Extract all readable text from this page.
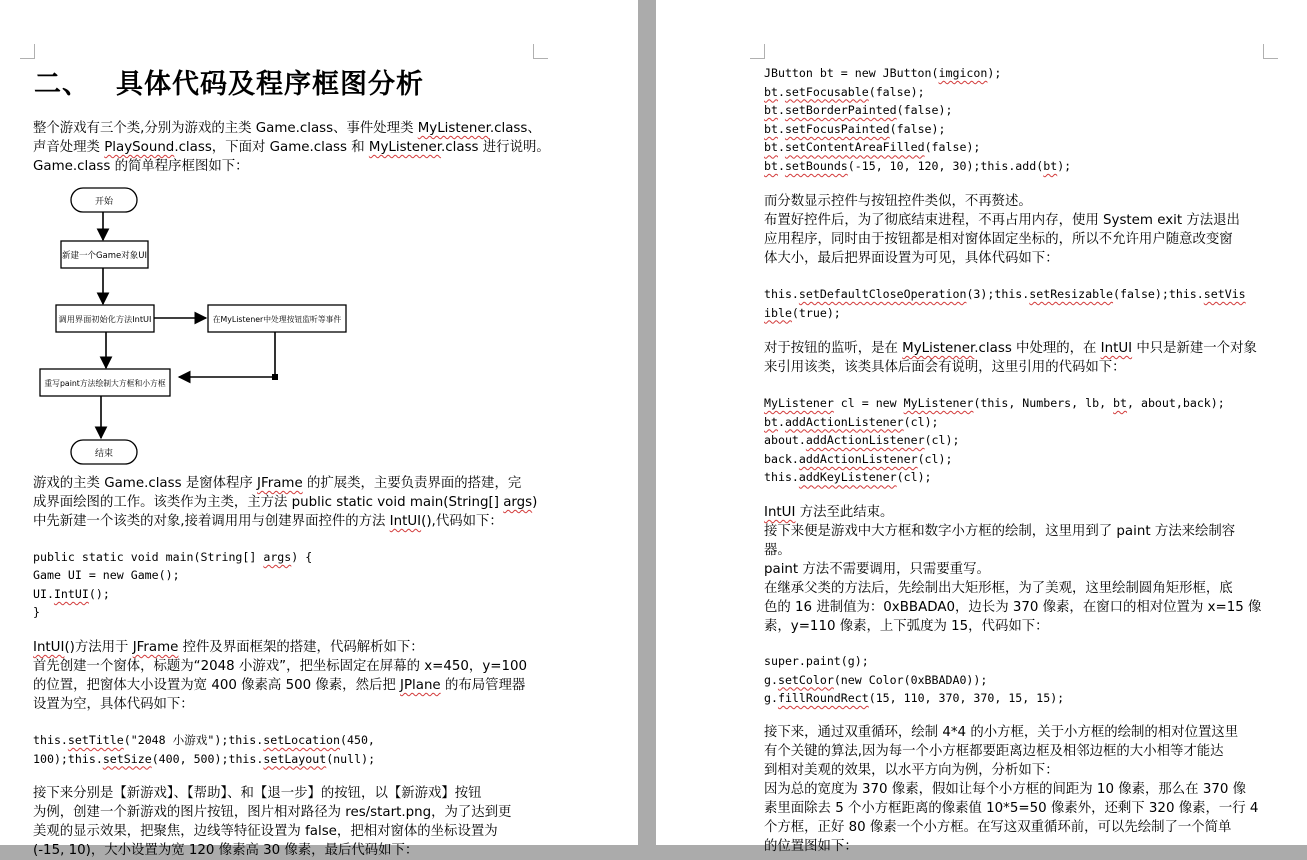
二、 具体代码及程序框图分析
开始
新建一个Game对象UI
调用界面初始化方法IntUI	在MyListener中处理按钮监听等事件
重写paint方法绘制大方框和小方框
结束
整个游戏有三个类,分别为游戏的主类 Game.class、事件处理类 MyListener.class、
声音处理类 PlaySound.class，下面对 Game.class 和 MyListener.class 进行说明。
Game.class 的简单程序框图如下：
游戏的主类 Game.class 是窗体程序 JFrame 的扩展类，主要负责界面的搭建，完
成界面绘图的工作。该类作为主类，主方法 public static void main(String[] args)
中先新建一个该类的对象,接着调用用与创建界面控件的方法 IntUI(),代码如下：
public static void main(String[] args) {
Game UI = new Game();
UI.IntUI();
}
IntUI()方法用于 JFrame 控件及界面框架的搭建，代码解析如下：
首先创建一个窗体，标题为“2048 小游戏”，把坐标固定在屏幕的 x=450，y=100
的位置，把窗体大小设置为宽 400 像素高 500 像素，然后把 JPlane 的布局管理器
设置为空，具体代码如下：
this.setTitle("2048 小游戏");this.setLocation(450,
100);this.setSize(400, 500);this.setLayout(null);
接下来分别是【新游戏】、【帮助】、和【退一步】的按钮，以【新游戏】按钮
为例，创建一个新游戏的图片按钮，图片相对路径为 res/start.png，为了达到更
美观的显示效果，把聚焦，边线等特征设置为 false，把相对窗体的坐标设置为
(-15, 10)，大小设置为宽 120 像素高 30 像素，最后代码如下：
JButton bt = new JButton(imgicon);
bt.setFocusable(false);
bt.setBorderPainted(false);
bt.setFocusPainted(false);
bt.setContentAreaFilled(false);
bt.setBounds(-15, 10, 120, 30);this.add(bt);
而分数显示控件与按钮控件类似，不再赘述。
布置好控件后，为了彻底结束进程，不再占用内存，使用 System exit 方法退出
应用程序，同时由于按钮都是相对窗体固定坐标的，所以不允许用户随意改变窗
体大小，最后把界面设置为可见，具体代码如下：
this.setDefaultCloseOperation(3);this.setResizable(false);this.setVis
ible(true);
对于按钮的监听，是在 MyListener.class 中处理的，在 IntUI 中只是新建一个对象
来引用该类，该类具体后面会有说明，这里引用的代码如下：
MyListener cl = new MyListener(this, Numbers, lb, bt, about,back);
bt.addActionListener(cl);
about.addActionListener(cl);
back.addActionListener(cl);
this.addKeyListener(cl);
IntUI 方法至此结束。
接下来便是游戏中大方框和数字小方框的绘制，这里用到了 paint 方法来绘制容
器。
paint 方法不需要调用，只需要重写。
在继承父类的方法后，先绘制出大矩形框，为了美观，这里绘制圆角矩形框，底
色的 16 进制值为：0xBBADA0，边长为 370 像素，在窗口的相对位置为 x=15 像
素，y=110 像素，上下弧度为 15，代码如下：
super.paint(g);
g.setColor(new Color(0xBBADA0));
g.fillRoundRect(15, 110, 370, 370, 15, 15);
接下来，通过双重循环，绘制 4*4 的小方框，关于小方框的绘制的相对位置这里
有个关键的算法,因为每一个小方框都要距离边框及相邻边框的大小相等才能达
到相对美观的效果，以水平方向为例，分析如下：
因为总的宽度为 370 像素，假如让每个小方框的间距为 10 像素，那么在 370 像
素里面除去 5 个小方框距离的像素值 10*5=50 像素外，还剩下 320 像素，一行 4
个方框，正好 80 像素一个小方框。在写这双重循环前，可以先绘制了一个简单
的位置图如下：
